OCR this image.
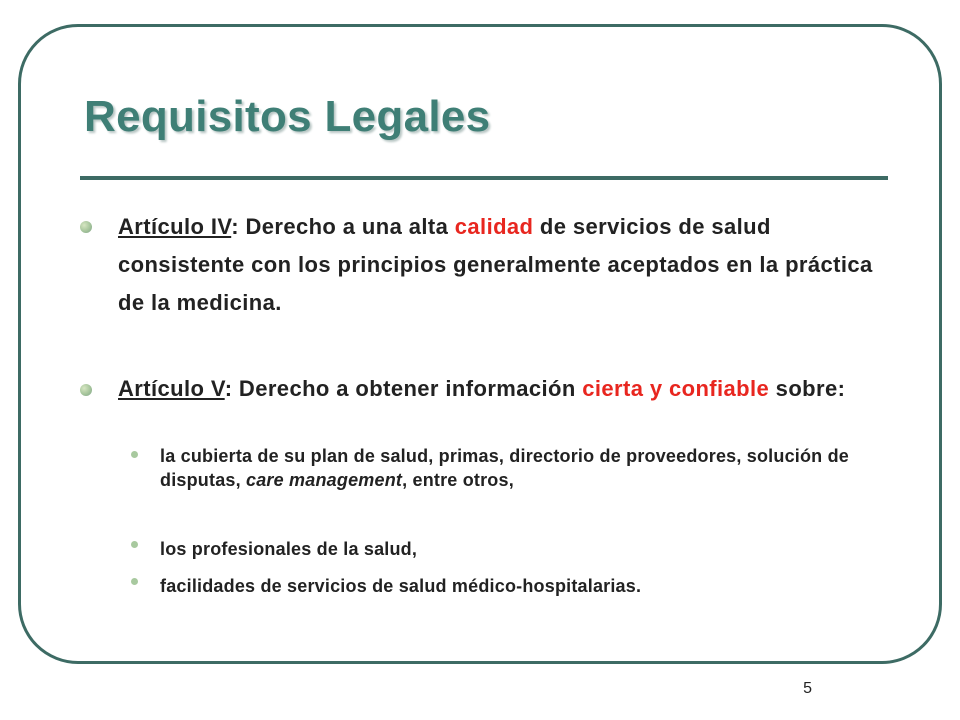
Requisitos Legales
Artículo IV: Derecho a una alta calidad de servicios de salud consistente con los principios generalmente aceptados en la práctica de la medicina.
Artículo V: Derecho a obtener información cierta y confiable sobre:
la cubierta de su plan de salud, primas, directorio de proveedores, solución de disputas, care management, entre otros,
los profesionales de la salud,
facilidades de servicios de salud médico-hospitalarias.
5
